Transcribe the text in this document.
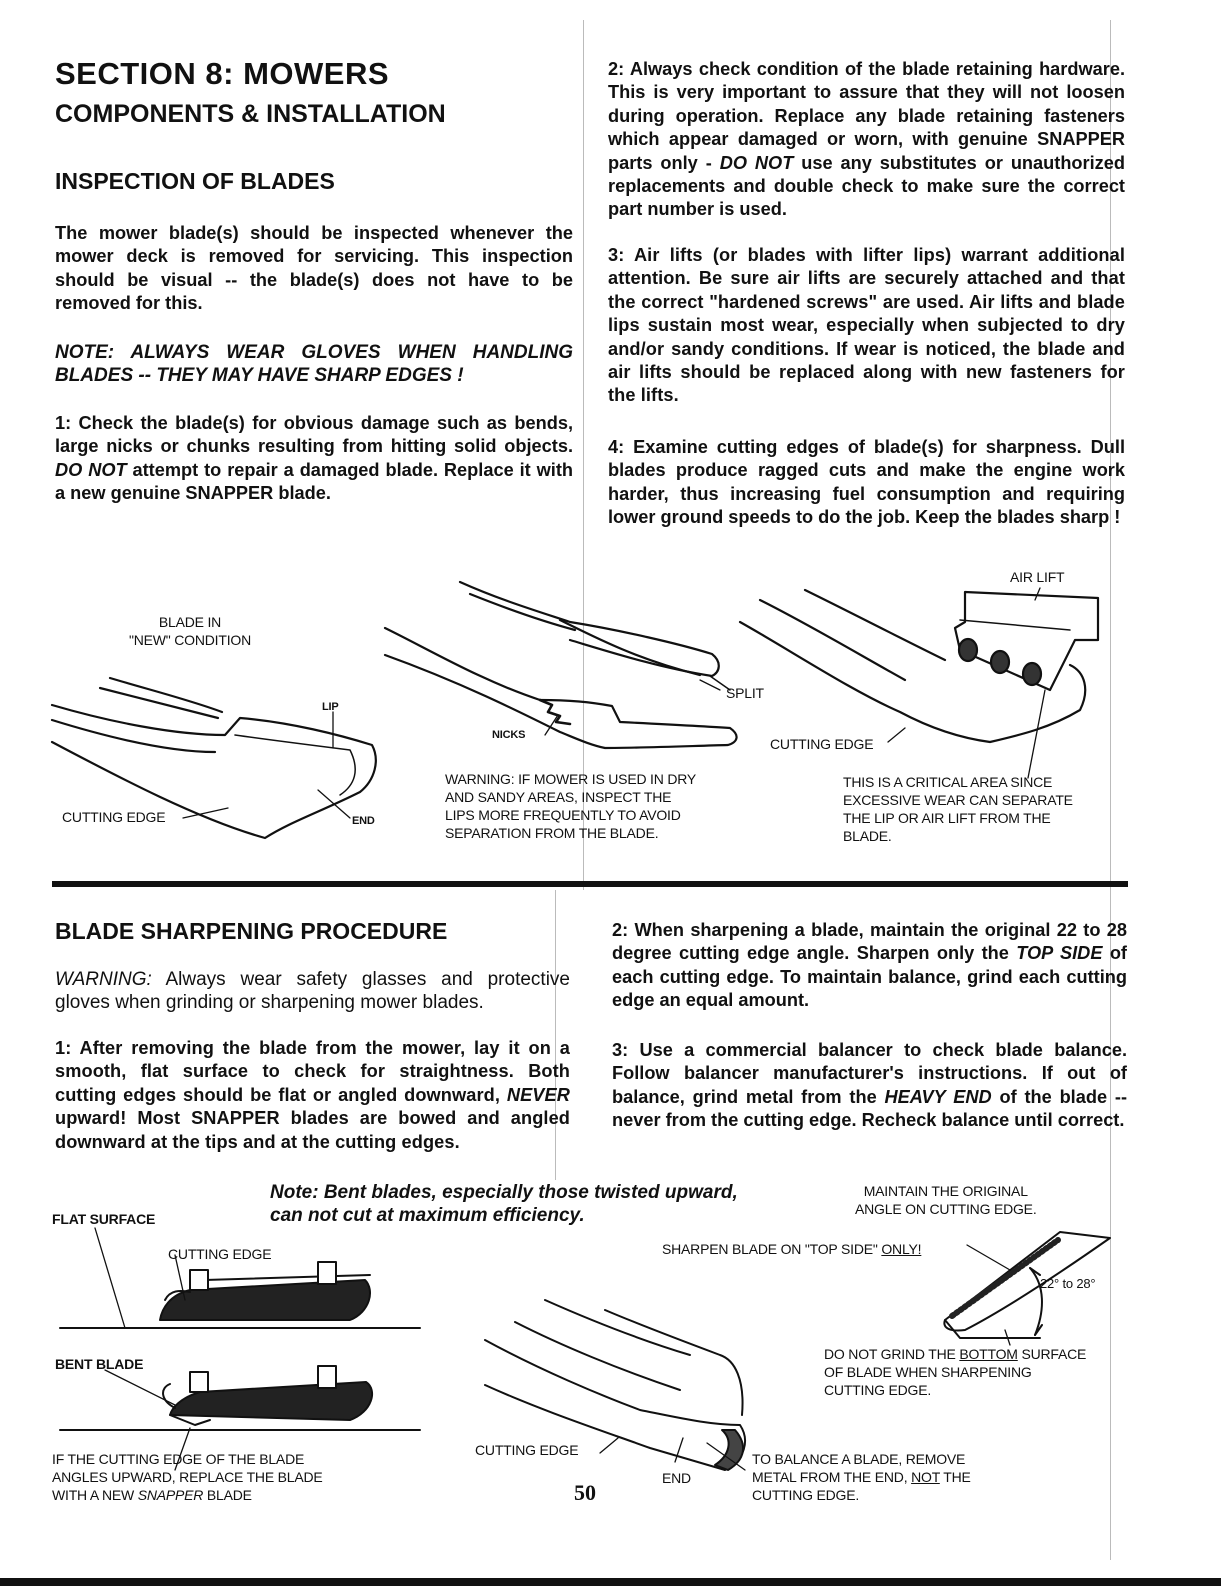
SECTION 8: MOWERS
COMPONENTS & INSTALLATION
INSPECTION OF BLADES

The mower blade(s) should be inspected whenever the mower deck is removed for servicing. This inspection should be visual -- the blade(s) does not have to be removed for this.

NOTE: ALWAYS WEAR GLOVES WHEN HANDLING BLADES -- THEY MAY HAVE SHARP EDGES !

1: Check the blade(s) for obvious damage such as bends, large nicks or chunks resulting from hitting solid objects. DO NOT attempt to repair a damaged blade. Replace it with a new genuine SNAPPER blade.

2: Always check condition of the blade retaining hardware. This is very important to assure that they will not loosen during operation. Replace any blade retaining fasteners which appear damaged or worn, with genuine SNAPPER parts only - DO NOT use any substitutes or unauthorized replacements and double check to make sure the correct part number is used.

3: Air lifts (or blades with lifter lips) warrant additional attention. Be sure air lifts are securely attached and that the correct "hardened screws" are used. Air lifts and blade lips sustain most wear, especially when subjected to dry and/or sandy conditions. If wear is noticed, the blade and air lifts should be replaced along with new fasteners for the lifts.

4: Examine cutting edges of blade(s) for sharpness. Dull blades produce ragged cuts and make the engine work harder, thus increasing fuel consumption and requiring lower ground speeds to do the job. Keep the blades sharp !

BLADE IN
"NEW" CONDITION
LIP
CUTTING EDGE	END
NICKS
SPLIT
WARNING: IF MOWER IS USED IN DRY
AND SANDY AREAS, INSPECT THE
LIPS MORE FREQUENTLY TO AVOID
SEPARATION FROM THE BLADE.
AIR LIFT
CUTTING EDGE
THIS IS A CRITICAL AREA SINCE
EXCESSIVE WEAR CAN SEPARATE
THE LIP OR AIR LIFT FROM THE
BLADE.
BLADE SHARPENING PROCEDURE

WARNING: Always wear safety glasses and protective gloves when grinding or sharpening mower blades.

1: After removing the blade from the mower, lay it on a smooth, flat surface to check for straightness. Both cutting edges should be flat or angled downward, NEVER upward! Most SNAPPER blades are bowed and angled downward at the tips and at the cutting edges.

2: When sharpening a blade, maintain the original 22 to 28 degree cutting edge angle. Sharpen only the TOP SIDE of each cutting edge. To maintain balance, grind each cutting edge an equal amount.

3: Use a commercial balancer to check blade balance. Follow balancer manufacturer's instructions. If out of balance, grind metal from the HEAVY END of the blade -- never from the cutting edge. Recheck balance until correct.

Note: Bent blades, especially those twisted upward,
can not cut at maximum efficiency.
FLAT SURFACE
CUTTING EDGE
BENT BLADE
IF THE CUTTING EDGE OF THE BLADE
ANGLES UPWARD, REPLACE THE BLADE
WITH A NEW SNAPPER BLADE
CUTTING EDGE
END
TO BALANCE A BLADE, REMOVE
METAL FROM THE END, NOT THE
CUTTING EDGE.
MAINTAIN THE ORIGINAL
ANGLE ON CUTTING EDGE.
SHARPEN BLADE ON "TOP SIDE" ONLY!
22° to 28°
DO NOT GRIND THE BOTTOM SURFACE
OF BLADE WHEN SHARPENING
CUTTING EDGE.
50
